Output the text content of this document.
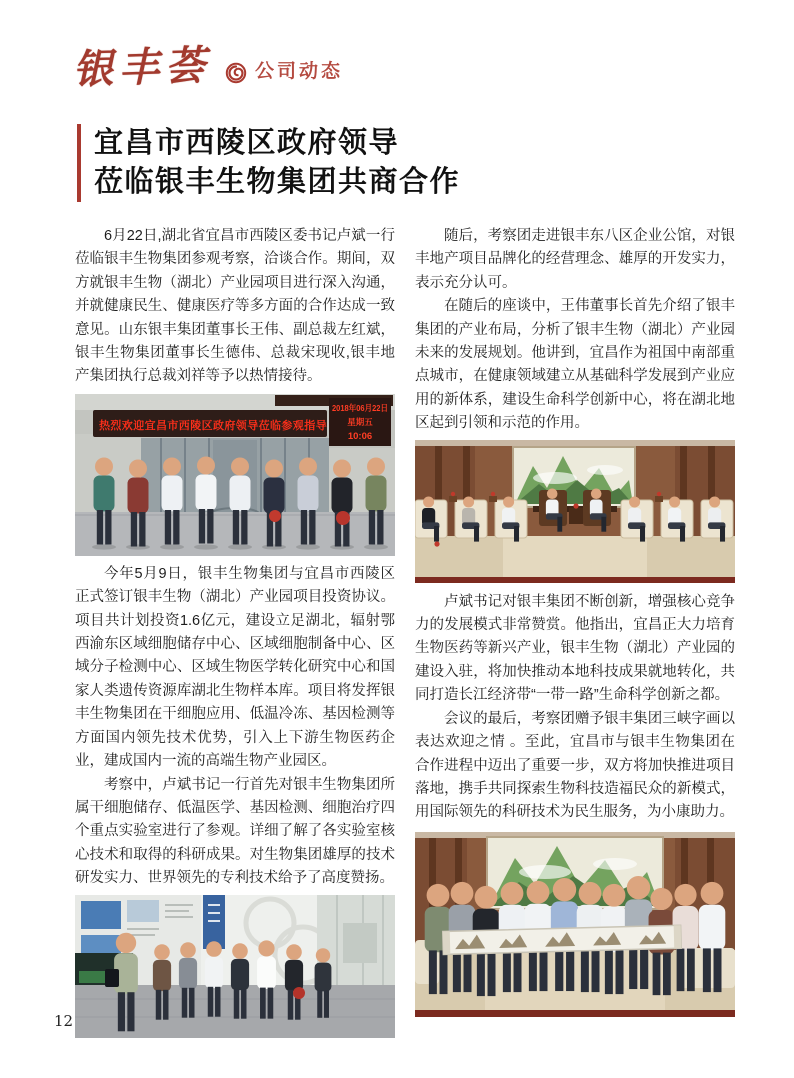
银丰荟 公司动态
宜昌市西陵区政府领导
莅临银丰生物集团共商合作

6月22日,湖北省宜昌市西陵区委书记卢斌一行莅临银丰生物集团参观考察，洽谈合作。期间，双方就银丰生物（湖北）产业园项目进行深入沟通，并就健康民生、健康医疗等多方面的合作达成一致意见。山东银丰集团董事长王伟、副总裁左红斌，银丰生物集团董事长生德伟、总裁宋现收,银丰地产集团执行总裁刘祥等予以热情接待。

热烈欢迎宜昌市西陵区政府领导莅临参观指导
2018年06月22日
星期五
10:06

今年5月9日，银丰生物集团与宜昌市西陵区正式签订银丰生物（湖北）产业园项目投资协议。项目共计划投资1.6亿元，建设立足湖北，辐射鄂西渝东区域细胞储存中心、区域细胞制备中心、区域分子检测中心、区域生物医学转化研究中心和国家人类遗传资源库湖北生物样本库。项目将发挥银丰生物集团在干细胞应用、低温冷冻、基因检测等方面国内领先技术优势，引入上下游生物医药企业，建成国内一流的高端生物产业园区。

考察中，卢斌书记一行首先对银丰生物集团所属干细胞储存、低温医学、基因检测、细胞治疗四个重点实验室进行了参观。详细了解了各实验室核心技术和取得的科研成果。对生物集团雄厚的技术研发实力、世界领先的专利技术给予了高度赞扬。

随后，考察团走进银丰东八区企业公馆，对银丰地产项目品牌化的经营理念、雄厚的开发实力，表示充分认可。

在随后的座谈中，王伟董事长首先介绍了银丰集团的产业布局，分析了银丰生物（湖北）产业园未来的发展规划。他讲到，宜昌作为祖国中南部重点城市，在健康领域建立从基础科学发展到产业应用的新体系，建设生命科学创新中心，将在湖北地区起到引领和示范的作用。

卢斌书记对银丰集团不断创新，增强核心竞争力的发展模式非常赞赏。他指出，宜昌正大力培育生物医药等新兴产业，银丰生物（湖北）产业园的建设入驻，将加快推动本地科技成果就地转化，共同打造长江经济带“一带一路”生命科学创新之都。

会议的最后，考察团赠予银丰集团三峡字画以表达欢迎之情 。至此，宜昌市与银丰生物集团在合作进程中迈出了重要一步，双方将加快推进项目落地，携手共同探索生物科技造福民众的新模式，用国际领先的科研技术为民生服务，为小康助力。

12
